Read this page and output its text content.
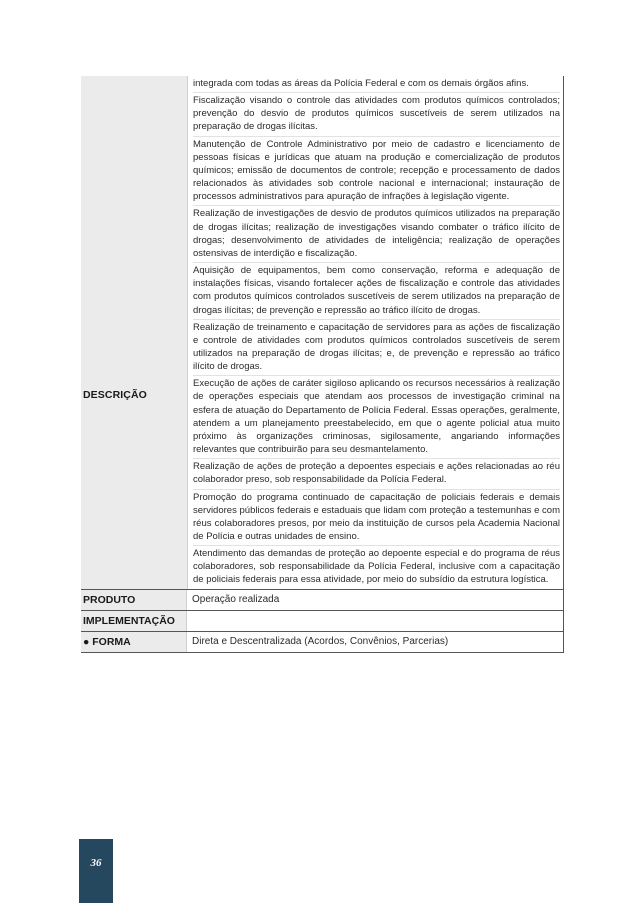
DESCRIÇÃO

integrada com todas as áreas da Polícia Federal e com os demais órgãos afins.

Fiscalização visando o controle das atividades com produtos químicos controlados; prevenção do desvio de produtos químicos suscetíveis de serem utilizados na preparação de drogas ilícitas.

Manutenção de Controle Administrativo por meio de cadastro e licenciamento de pessoas físicas e jurídicas que atuam na produção e comercialização de produtos químicos; emissão de documentos de controle; recepção e processamento de dados relacionados às atividades sob controle nacional e internacional; instauração de processos administrativos para apuração de infrações à legislação vigente.

Realização de investigações de desvio de produtos químicos utilizados na preparação de drogas ilícitas; realização de investigações visando combater o tráfico ilícito de drogas; desenvolvimento de atividades de inteligência; realização de operações ostensivas de interdição e fiscalização.

Aquisição de equipamentos, bem como conservação, reforma e adequação de instalações físicas, visando fortalecer ações de fiscalização e controle das atividades com produtos químicos controlados suscetíveis de serem utilizados na preparação de drogas ilícitas; de prevenção e repressão ao tráfico ilícito de drogas.

Realização de treinamento e capacitação de servidores para as ações de fiscalização e controle de atividades com produtos químicos controlados suscetíveis de serem utilizados na preparação de drogas ilícitas; e, de prevenção e repressão ao tráfico ilícito de drogas.

Execução de ações de caráter sigiloso aplicando os recursos necessários à realização de operações especiais que atendam aos processos de investigação criminal na esfera de atuação do Departamento de Polícia Federal. Essas operações, geralmente, atendem a um planejamento preestabelecido, em que o agente policial atua muito próximo às organizações criminosas, sigilosamente, angariando informações relevantes que contribuirão para seu desmantelamento.

Realização de ações de proteção a depoentes especiais e ações relacionadas ao réu colaborador preso, sob responsabilidade da Polícia Federal.

Promoção do programa continuado de capacitação de policiais federais e demais servidores públicos federais e estaduais que lidam com proteção a testemunhas e com réus colaboradores presos, por meio da instituição de cursos pela Academia Nacional de Polícia e outras unidades de ensino.

Atendimento das demandas de proteção ao depoente especial e do programa de réus colaboradores, sob responsabilidade da Polícia Federal, inclusive com a capacitação de policiais federais para essa atividade, por meio do subsídio da estrutura logística.

PRODUTO	Operação realizada
IMPLEMENTAÇÃO
● FORMA	Direta e Descentralizada (Acordos, Convênios, Parcerias)
36
